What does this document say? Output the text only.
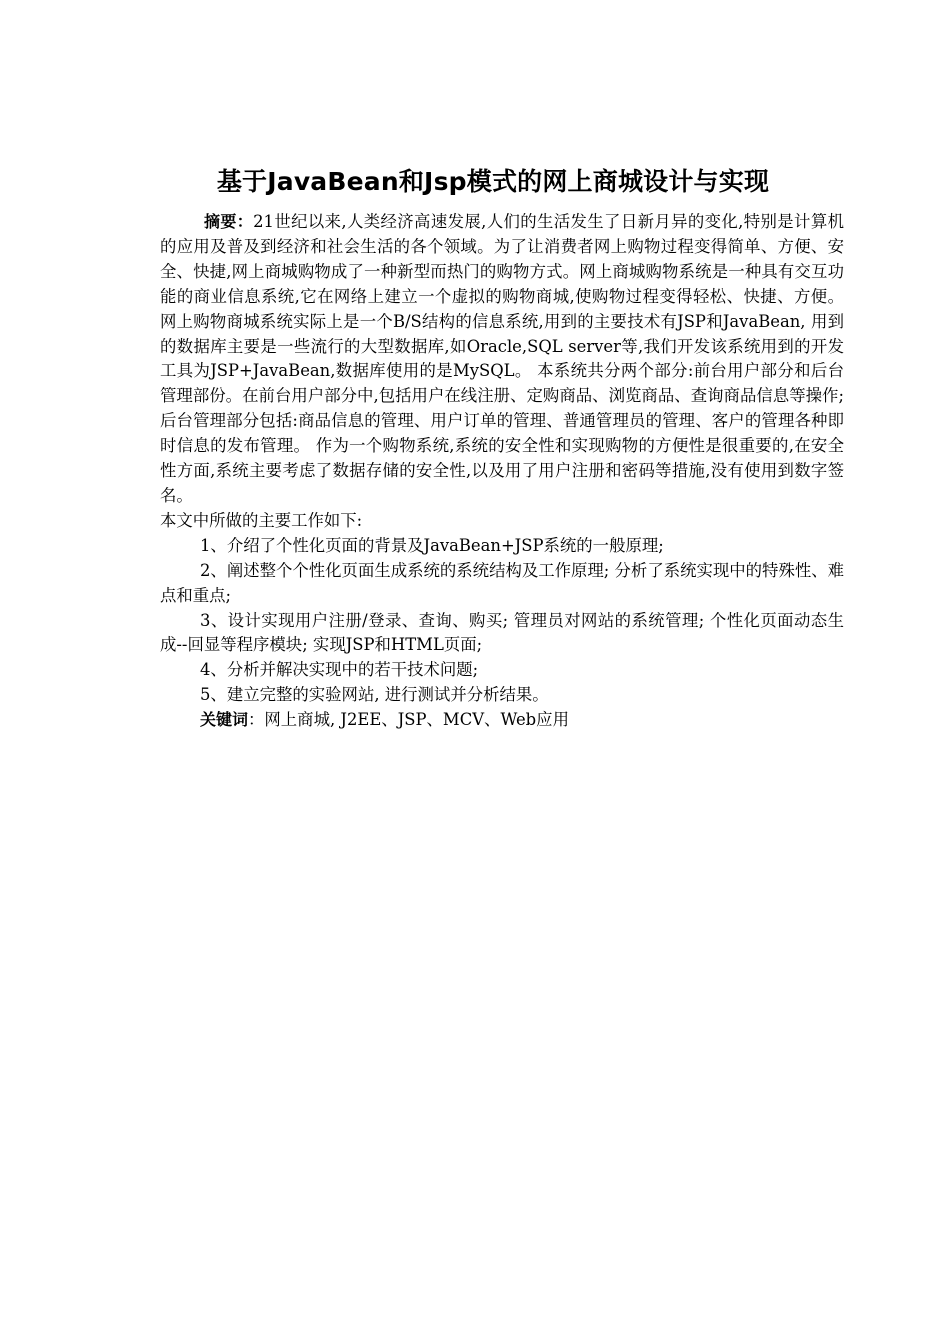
基于JavaBean和Jsp模式的网上商城设计与实现

摘要：21世纪以来,人类经济高速发展,人们的生活发生了日新月异的变化,特别是计算机的应用及普及到经济和社会生活的各个领域。为了让消费者网上购物过程变得简单、方便、安全、快捷,网上商城购物成了一种新型而热门的购物方式。网上商城购物系统是一种具有交互功能的商业信息系统,它在网络上建立一个虚拟的购物商城,使购物过程变得轻松、快捷、方便。 网上购物商城系统实际上是一个B/S结构的信息系统,用到的主要技术有JSP和JavaBean, 用到的数据库主要是一些流行的大型数据库,如Oracle,SQL server等,我们开发该系统用到的开发工具为JSP+JavaBean,数据库使用的是MySQL。 本系统共分两个部分:前台用户部分和后台管理部份。在前台用户部分中,包括用户在线注册、定购商品、浏览商品、查询商品信息等操作;后台管理部分包括:商品信息的管理、用户订单的管理、普通管理员的管理、客户的管理各种即时信息的发布管理。 作为一个购物系统,系统的安全性和实现购物的方便性是很重要的,在安全性方面,系统主要考虑了数据存储的安全性,以及用了用户注册和密码等措施,没有使用到数字签名。

本文中所做的主要工作如下:

1、介绍了个性化页面的背景及JavaBean+JSP系统的一般原理;

2、阐述整个个性化页面生成系统的系统结构及工作原理; 分析了系统实现中的特殊性、难点和重点;

3、设计实现用户注册/登录、查询、购买; 管理员对网站的系统管理; 个性化页面动态生成--回显等程序模块; 实现JSP和HTML页面;

4、分析并解决实现中的若干技术问题;

5、建立完整的实验网站, 进行测试并分析结果。

关键词：网上商城, J2EE、JSP、MCV、Web应用
